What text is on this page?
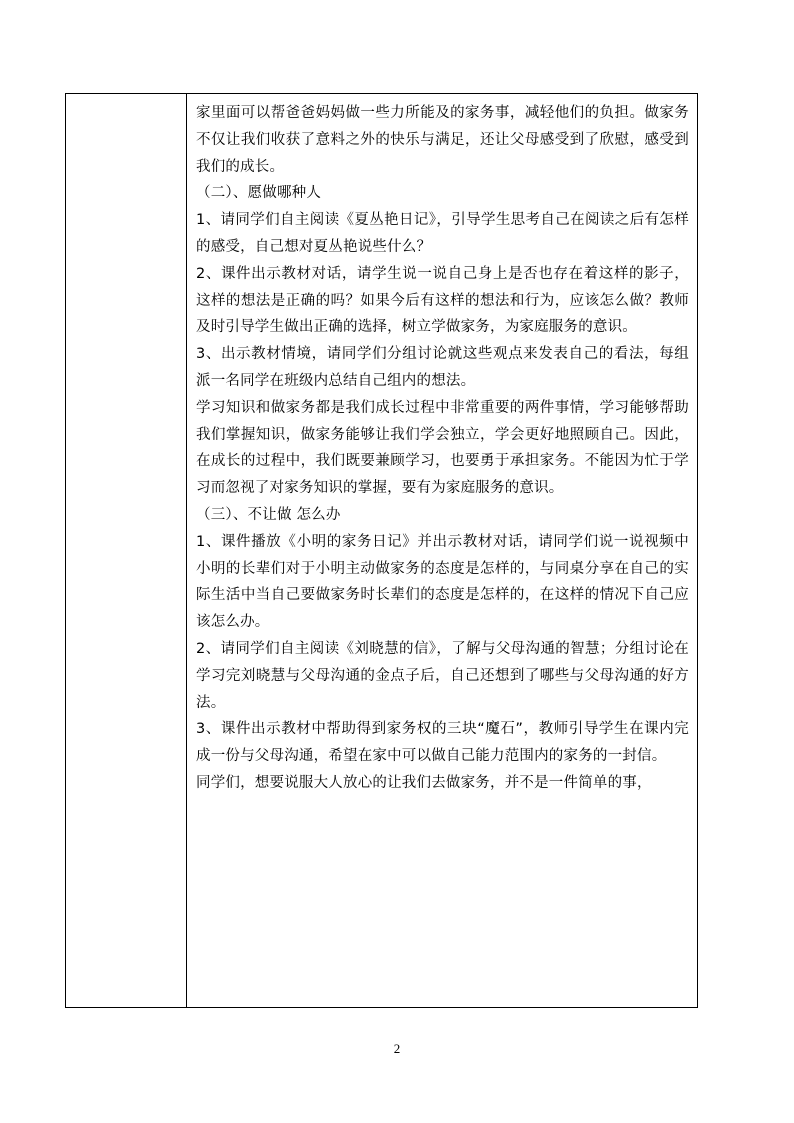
家里面可以帮爸爸妈妈做一些力所能及的家务事，减轻他们的负担。做家务不仅让我们收获了意料之外的快乐与满足，还让父母感受到了欣慰，感受到我们的成长。

（二）、愿做哪种人

1、请同学们自主阅读《夏丛艳日记》，引导学生思考自己在阅读之后有怎样的感受，自己想对夏丛艳说些什么？

2、课件出示教材对话，请学生说一说自己身上是否也存在着这样的影子，这样的想法是正确的吗？如果今后有这样的想法和行为，应该怎么做？教师及时引导学生做出正确的选择，树立学做家务，为家庭服务的意识。

3、出示教材情境，请同学们分组讨论就这些观点来发表自己的看法，每组派一名同学在班级内总结自己组内的想法。

学习知识和做家务都是我们成长过程中非常重要的两件事情，学习能够帮助我们掌握知识，做家务能够让我们学会独立，学会更好地照顾自己。因此，在成长的过程中，我们既要兼顾学习，也要勇于承担家务。不能因为忙于学习而忽视了对家务知识的掌握，要有为家庭服务的意识。

（三）、不让做 怎么办

1、课件播放《小明的家务日记》并出示教材对话，请同学们说一说视频中小明的长辈们对于小明主动做家务的态度是怎样的，与同桌分享在自己的实际生活中当自己要做家务时长辈们的态度是怎样的，在这样的情况下自己应该怎么办。

2、请同学们自主阅读《刘晓慧的信》，了解与父母沟通的智慧；分组讨论在学习完刘晓慧与父母沟通的金点子后，自己还想到了哪些与父母沟通的好方法。

3、课件出示教材中帮助得到家务权的三块“魔石”，教师引导学生在课内完成一份与父母沟通，希望在家中可以做自己能力范围内的家务的一封信。

同学们，想要说服大人放心的让我们去做家务，并不是一件简单的事，

2
